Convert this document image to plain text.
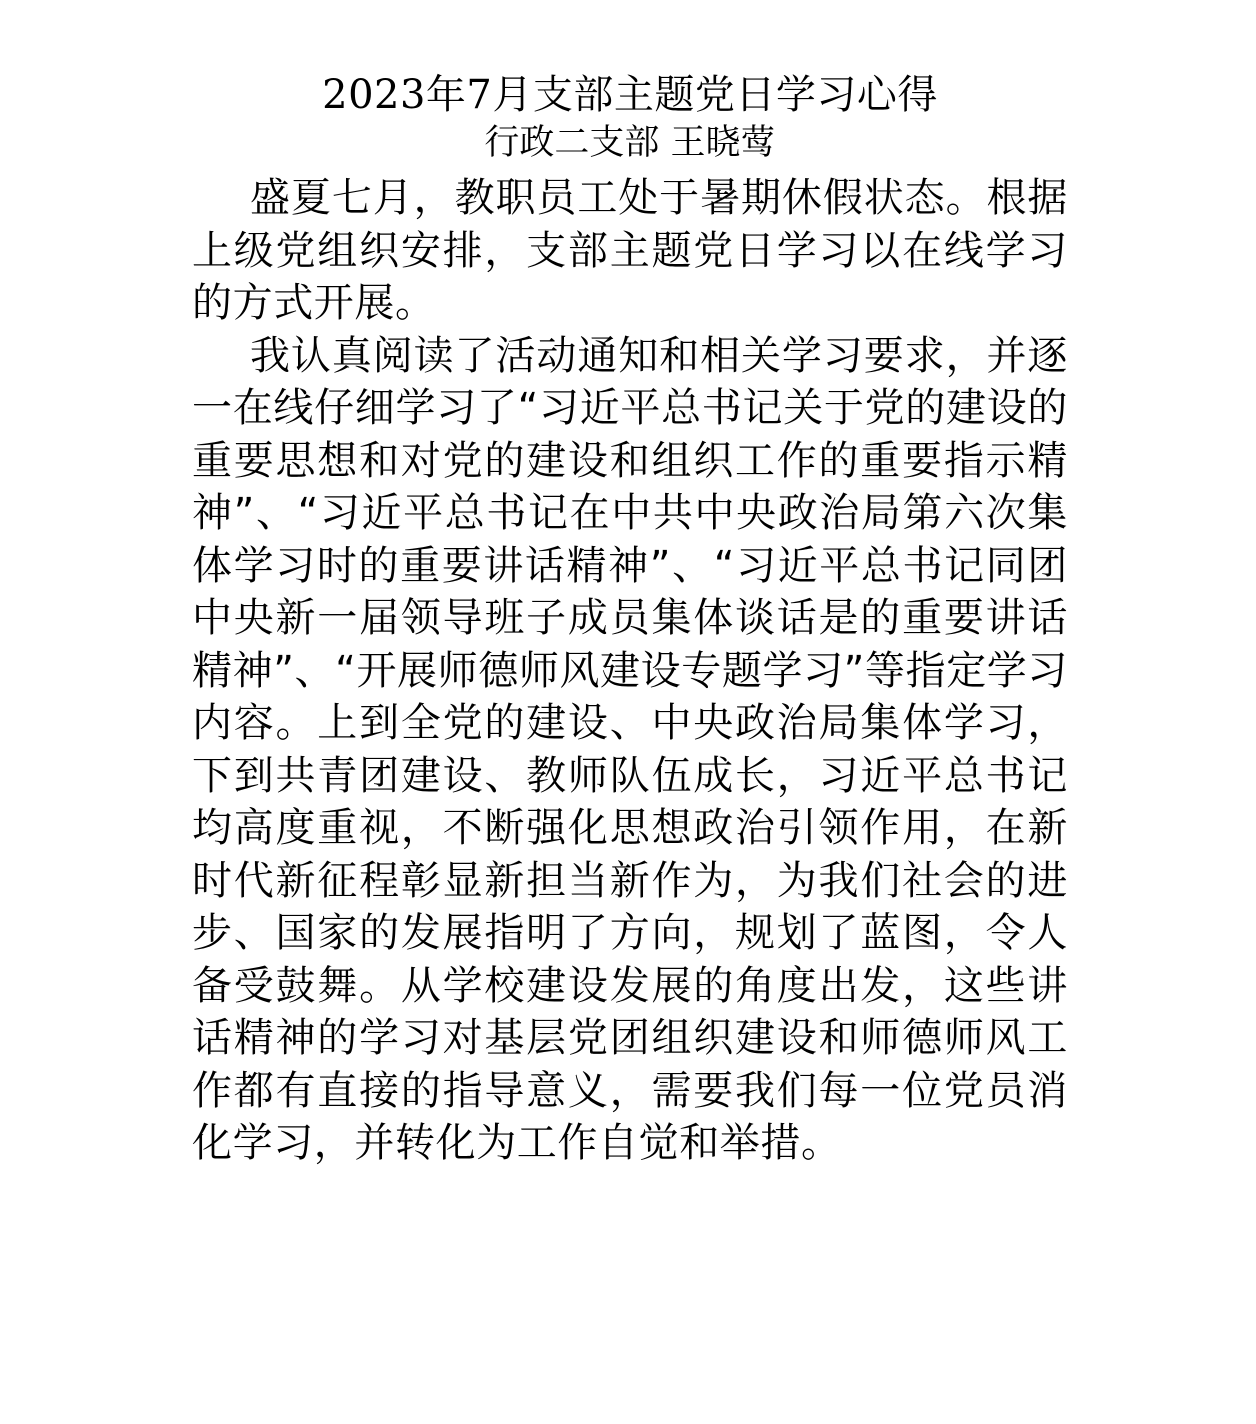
2023年7月支部主题党日学习心得
行政二支部 王晓莺

盛夏七月，教职员工处于暑期休假状态。根据上级党组织安排，支部主题党日学习以在线学习的方式开展。

我认真阅读了活动通知和相关学习要求，并逐一在线仔细学习了“习近平总书记关于党的建设的重要思想和对党的建设和组织工作的重要指示精神”、“习近平总书记在中共中央政治局第六次集体学习时的重要讲话精神”、“习近平总书记同团中央新一届领导班子成员集体谈话是的重要讲话精神”、“开展师德师风建设专题学习”等指定学习内容。上到全党的建设、中央政治局集体学习，下到共青团建设、教师队伍成长，习近平总书记均高度重视，不断强化思想政治引领作用，在新时代新征程彰显新担当新作为，为我们社会的进步、国家的发展指明了方向，规划了蓝图，令人备受鼓舞。从学校建设发展的角度出发，这些讲话精神的学习对基层党团组织建设和师德师风工作都有直接的指导意义，需要我们每一位党员消化学习，并转化为工作自觉和举措。
